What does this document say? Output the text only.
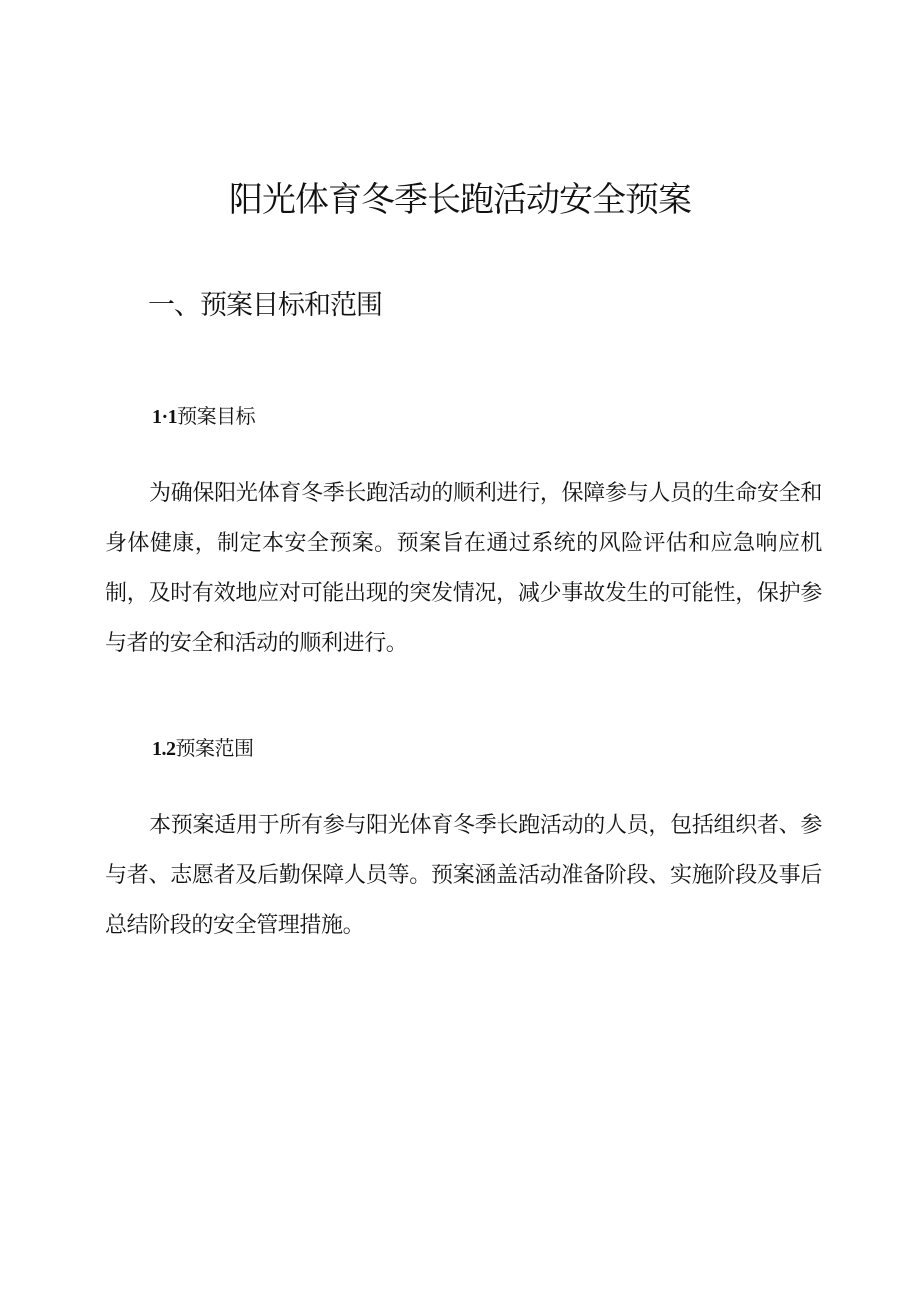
阳光体育冬季长跑活动安全预案
一、预案目标和范围
1·1预案目标

为确保阳光体育冬季长跑活动的顺利进行，保障参与人员的生命安全和身体健康，制定本安全预案。预案旨在通过系统的风险评估和应急响应机制，及时有效地应对可能出现的突发情况，减少事故发生的可能性，保护参与者的安全和活动的顺利进行。

1.2预案范围

本预案适用于所有参与阳光体育冬季长跑活动的人员，包括组织者、参与者、志愿者及后勤保障人员等。预案涵盖活动准备阶段、实施阶段及事后总结阶段的安全管理措施。
